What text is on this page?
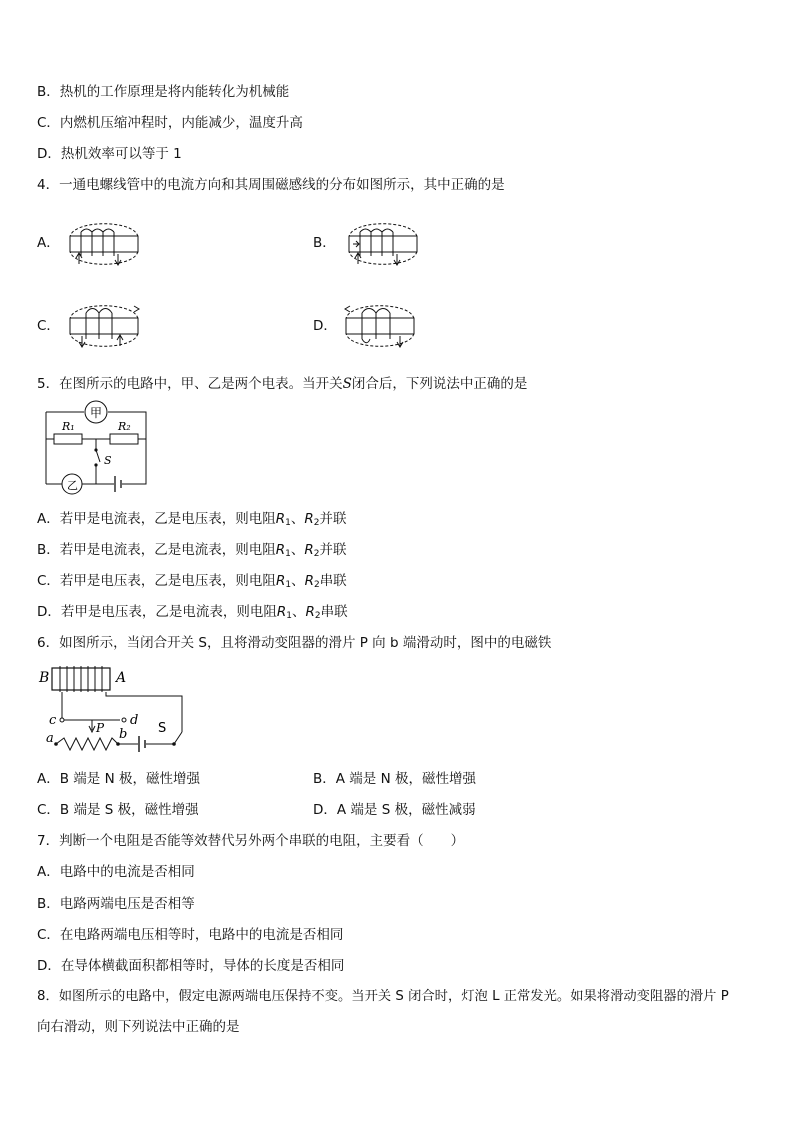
B．热机的工作原理是将内能转化为机械能
C．内燃机压缩冲程时，内能减少，温度升高
D．热机效率可以等于 1
4．一通电螺线管中的电流方向和其周围磁感线的分布如图所示，其中正确的是
A．	B．
C．	D．
5．在图所示的电路中，甲、乙是两个电表。当开关S闭合后，下列说法中正确的是
甲
R₁	R₂
S
乙
A．若甲是电流表，乙是电压表，则电阻$R_1$、$R_2$并联
B．若甲是电流表，乙是电流表，则电阻$R_1$、$R_2$并联
C．若甲是电压表，乙是电压表，则电阻$R_1$、$R_2$串联
D．若甲是电压表，乙是电流表，则电阻$R_1$、$R_2$串联
6．如图所示，当闭合开关 S，且将滑动变阻器的滑片 P 向 b 端滑动时，图中的电磁铁
B	A
c	d
P
a	b S
A．B 端是 N 极，磁性增强	B．A 端是 N 极，磁性增强
C．B 端是 S 极，磁性增强	D．A 端是 S 极，磁性减弱
7．判断一个电阻是否能等效替代另外两个串联的电阻，主要看（　　）
A．电路中的电流是否相同
B．电路两端电压是否相等
C．在电路两端电压相等时，电路中的电流是否相同
D．在导体横截面积都相等时，导体的长度是否相同
8．如图所示的电路中，假定电源两端电压保持不变。当开关 S 闭合时，灯泡 L 正常发光。如果将滑动变阻器的滑片 P
向右滑动，则下列说法中正确的是
